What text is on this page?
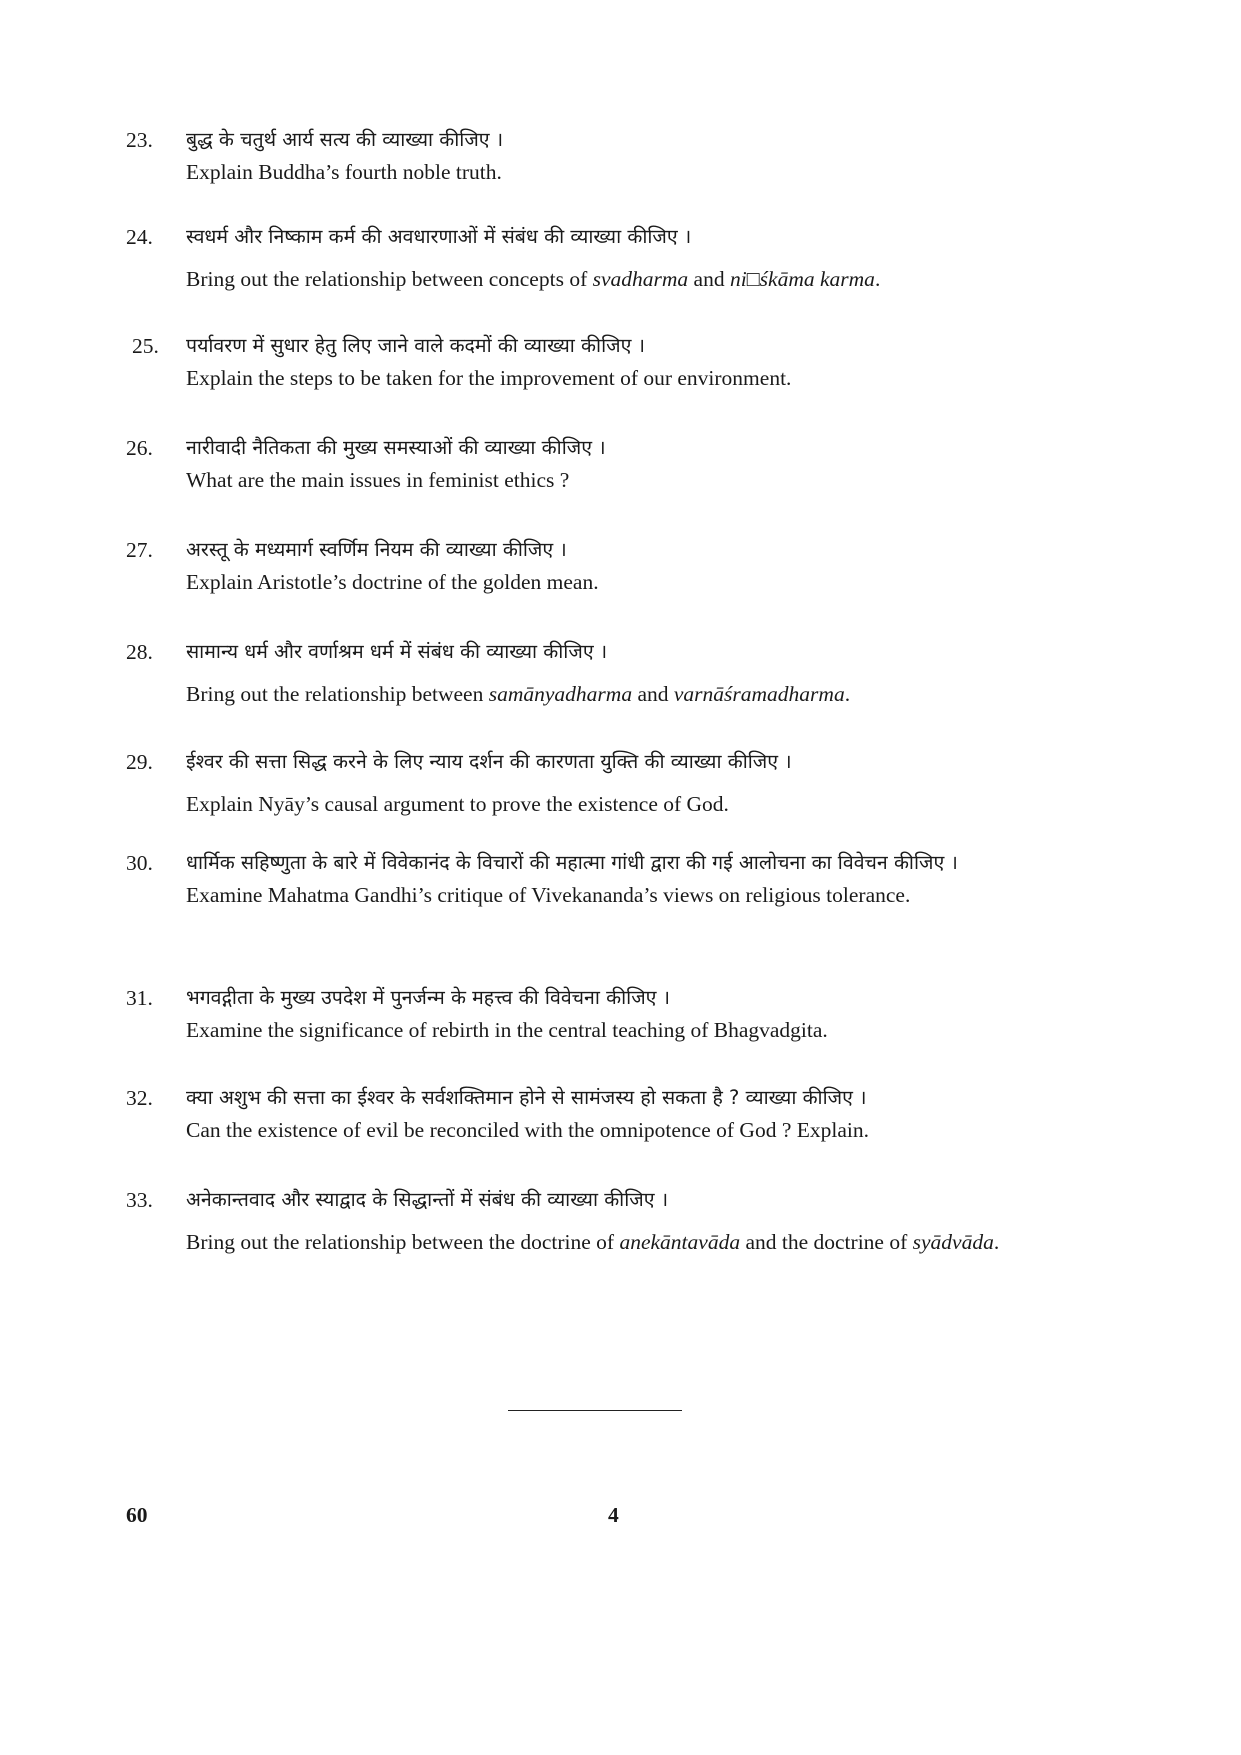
23. बुद्ध के चतुर्थ आर्य सत्य की व्याख्या कीजिए ।

Explain Buddha’s fourth noble truth.

24. स्वधर्म और निष्काम कर्म की अवधारणाओं में संबंध की व्याख्या कीजिए ।

Bring out the relationship between concepts of svadharma and ni□śkāma karma.

25. पर्यावरण में सुधार हेतु लिए जाने वाले कदमों की व्याख्या कीजिए ।

Explain the steps to be taken for the improvement of our environment.

26. नारीवादी नैतिकता की मुख्य समस्याओं की व्याख्या कीजिए ।

What are the main issues in feminist ethics ?

27. अरस्तू के मध्यमार्ग स्वर्णिम नियम की व्याख्या कीजिए ।

Explain Aristotle’s doctrine of the golden mean.

28. सामान्य धर्म और वर्णाश्रम धर्म में संबंध की व्याख्या कीजिए ।

Bring out the relationship between samānyadharma and varnāśramadharma.

29. ईश्वर की सत्ता सिद्ध करने के लिए न्याय दर्शन की कारणता युक्ति की व्याख्या कीजिए ।

Explain Nyāy’s causal argument to prove the existence of God.

30. धार्मिक सहिष्णुता के बारे में विवेकानंद के विचारों की महात्मा गांधी द्वारा की गई आलोचना का विवेचन कीजिए ।

Examine Mahatma Gandhi’s critique of Vivekananda’s views on religious tolerance.

31. भगवद्गीता के मुख्य उपदेश में पुनर्जन्म के महत्त्व की विवेचना कीजिए ।

Examine the significance of rebirth in the central teaching of Bhagvadgita.

32. क्या अशुभ की सत्ता का ईश्वर के सर्वशक्तिमान होने से सामंजस्य हो सकता है ? व्याख्या कीजिए ।

Can the existence of evil be reconciled with the omnipotence of God ? Explain.

33. अनेकान्तवाद और स्याद्वाद के सिद्धान्तों में संबंध की व्याख्या कीजिए ।

Bring out the relationship between the doctrine of anekāntavāda and the doctrine of syādvāda.

60	4
